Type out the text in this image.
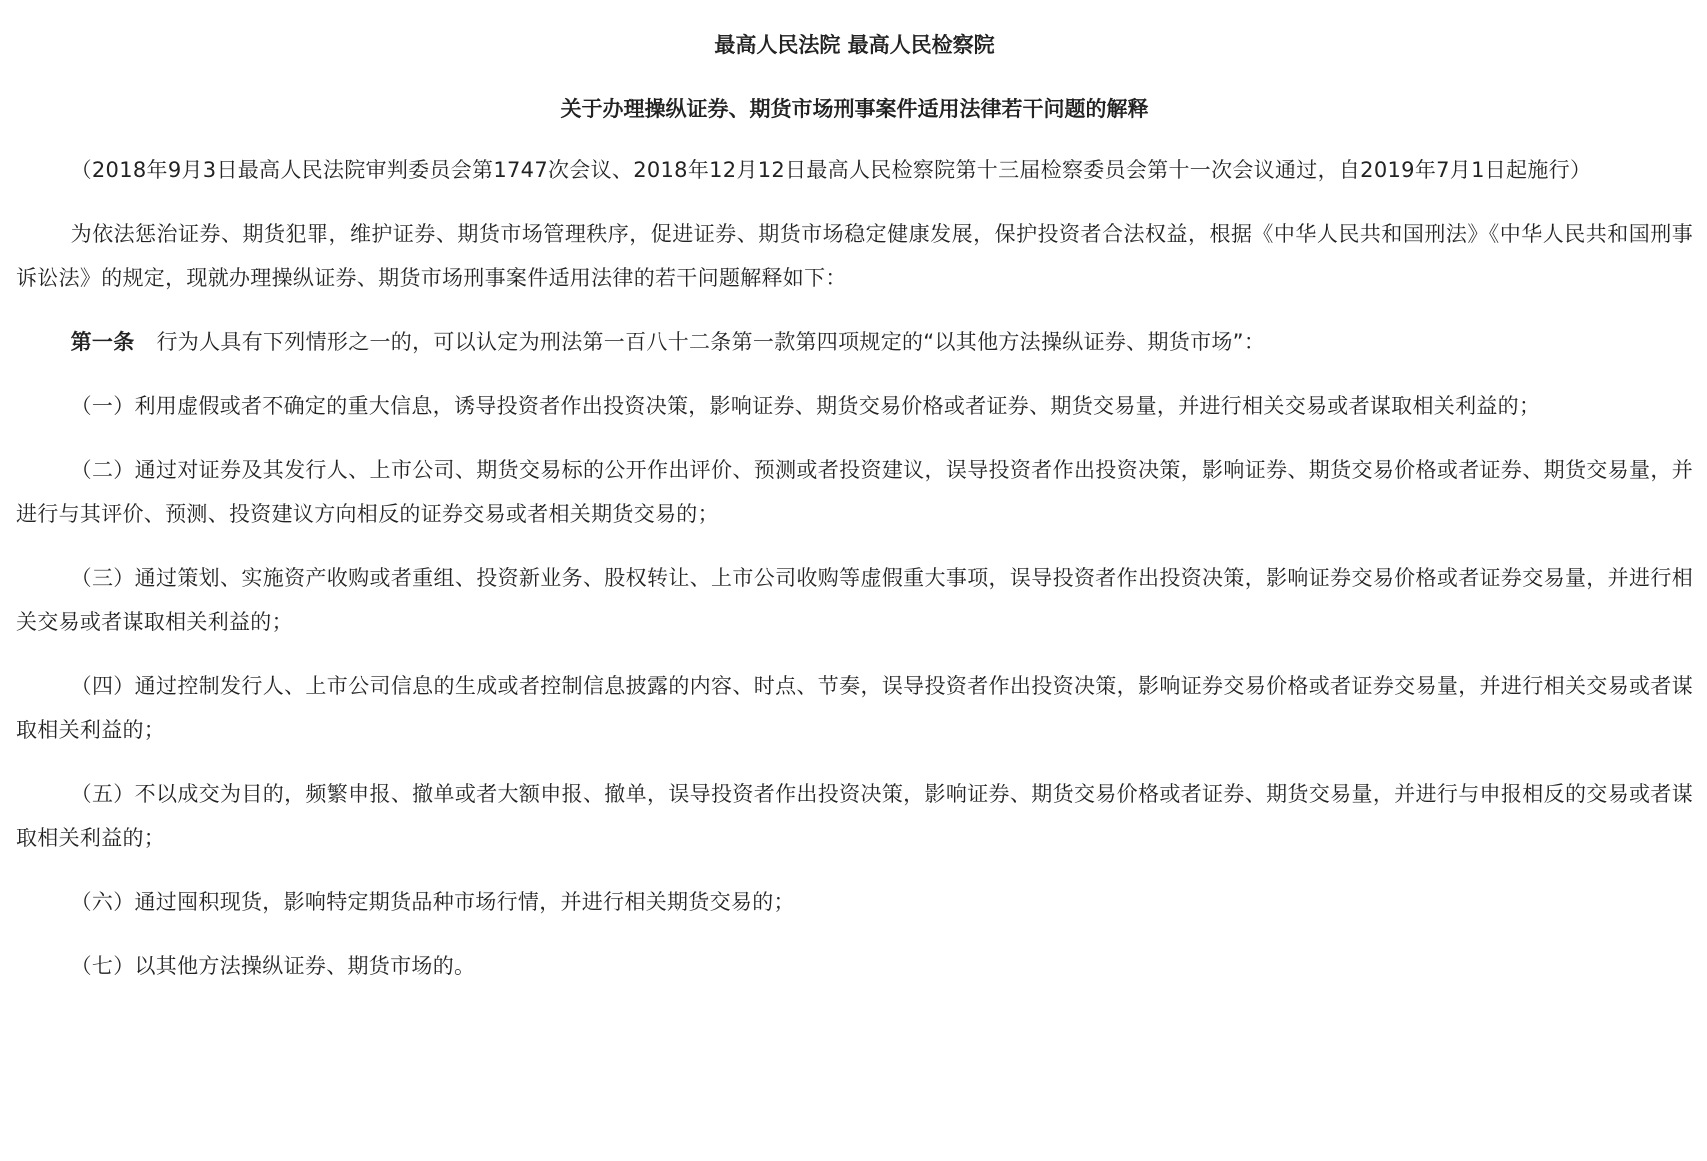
最高人民法院 最高人民检察院
关于办理操纵证券、期货市场刑事案件适用法律若干问题的解释

（2018年9月3日最高人民法院审判委员会第1747次会议、2018年12月12日最高人民检察院第十三届检察委员会第十一次会议通过，自2019年7月1日起施行）

为依法惩治证券、期货犯罪，维护证券、期货市场管理秩序，促进证券、期货市场稳定健康发展，保护投资者合法权益，根据《中华人民共和国刑法》《中华人民共和国刑事诉讼法》的规定，现就办理操纵证券、期货市场刑事案件适用法律的若干问题解释如下：

第一条 行为人具有下列情形之一的，可以认定为刑法第一百八十二条第一款第四项规定的“以其他方法操纵证券、期货市场”：

（一）利用虚假或者不确定的重大信息，诱导投资者作出投资决策，影响证券、期货交易价格或者证券、期货交易量，并进行相关交易或者谋取相关利益的；

（二）通过对证券及其发行人、上市公司、期货交易标的公开作出评价、预测或者投资建议，误导投资者作出投资决策，影响证券、期货交易价格或者证券、期货交易量，并进行与其评价、预测、投资建议方向相反的证券交易或者相关期货交易的；

（三）通过策划、实施资产收购或者重组、投资新业务、股权转让、上市公司收购等虚假重大事项，误导投资者作出投资决策，影响证券交易价格或者证券交易量，并进行相关交易或者谋取相关利益的；

（四）通过控制发行人、上市公司信息的生成或者控制信息披露的内容、时点、节奏，误导投资者作出投资决策，影响证券交易价格或者证券交易量，并进行相关交易或者谋取相关利益的；

（五）不以成交为目的，频繁申报、撤单或者大额申报、撤单，误导投资者作出投资决策，影响证券、期货交易价格或者证券、期货交易量，并进行与申报相反的交易或者谋取相关利益的；

（六）通过囤积现货，影响特定期货品种市场行情，并进行相关期货交易的；

（七）以其他方法操纵证券、期货市场的。
